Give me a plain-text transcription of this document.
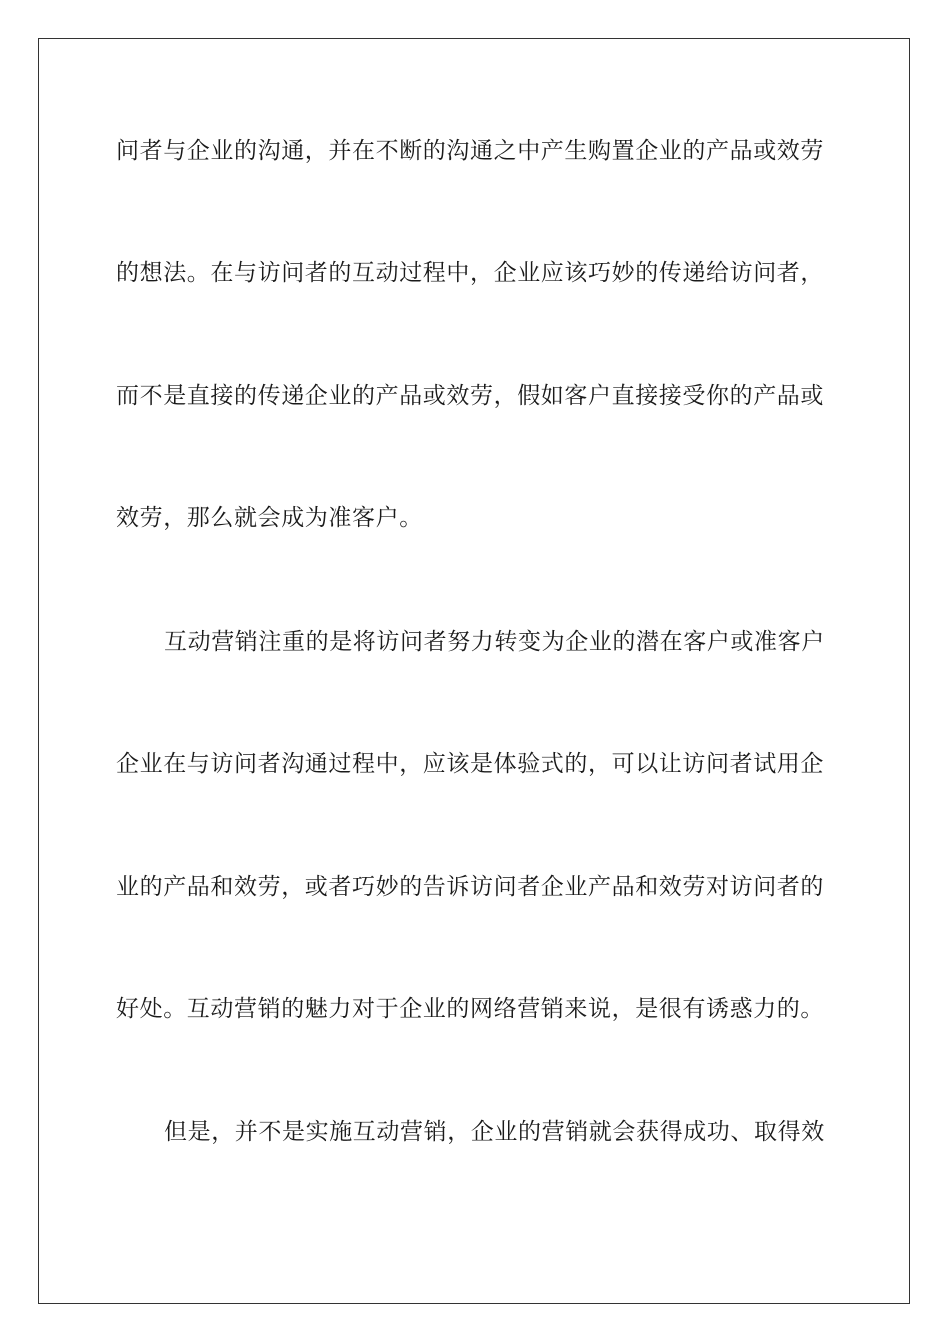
问者与企业的沟通，并在不断的沟通之中产生购置企业的产品或效劳
的想法。在与访问者的互动过程中，企业应该巧妙的传递给访问者，
而不是直接的传递企业的产品或效劳，假如客户直接接受你的产品或
效劳，那么就会成为准客户。
互动营销注重的是将访问者努力转变为企业的潜在客户或准客户
企业在与访问者沟通过程中，应该是体验式的，可以让访问者试用企
业的产品和效劳，或者巧妙的告诉访问者企业产品和效劳对访问者的
好处。互动营销的魅力对于企业的网络营销来说，是很有诱惑力的。
但是，并不是实施互动营销，企业的营销就会获得成功、取得效
